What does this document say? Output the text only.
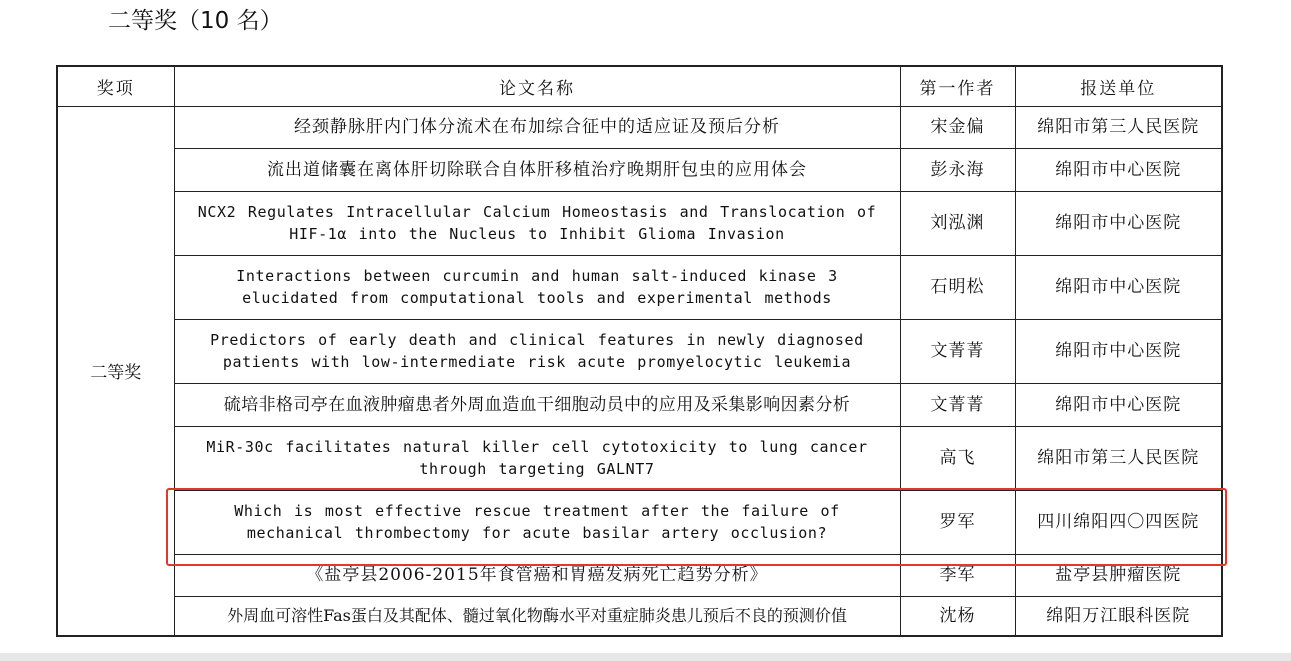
二等奖（10 名）
奖项	论文名称	第一作者	报送单位
二等奖	经颈静脉肝内门体分流术在布加综合征中的适应证及预后分析	宋金偏	绵阳市第三人民医院
	流出道储囊在离体肝切除联合自体肝移植治疗晚期肝包虫的应用体会	彭永海	绵阳市中心医院
	NCX2 Regulates Intracellular Calcium Homeostasis and Translocation of HIF-1α into the Nucleus to Inhibit Glioma Invasion	刘泓渊	绵阳市中心医院
	Interactions between curcumin and human salt-induced kinase 3 elucidated from computational tools and experimental methods	石明松	绵阳市中心医院
	Predictors of early death and clinical features in newly diagnosed patients with low-intermediate risk acute promyelocytic leukemia	文菁菁	绵阳市中心医院
	硫培非格司亭在血液肿瘤患者外周血造血干细胞动员中的应用及采集影响因素分析	文菁菁	绵阳市中心医院
	MiR-30c facilitates natural killer cell cytotoxicity to lung cancer through targeting GALNT7	高飞	绵阳市第三人民医院
	Which is most effective rescue treatment after the failure of mechanical thrombectomy for acute basilar artery occlusion?	罗军	四川绵阳四〇四医院
	《盐亭县2006-2015年食管癌和胃癌发病死亡趋势分析》	李军	盐亭县肿瘤医院
	外周血可溶性Fas蛋白及其配体、髓过氧化物酶水平对重症肺炎患儿预后不良的预测价值	沈杨	绵阳万江眼科医院
